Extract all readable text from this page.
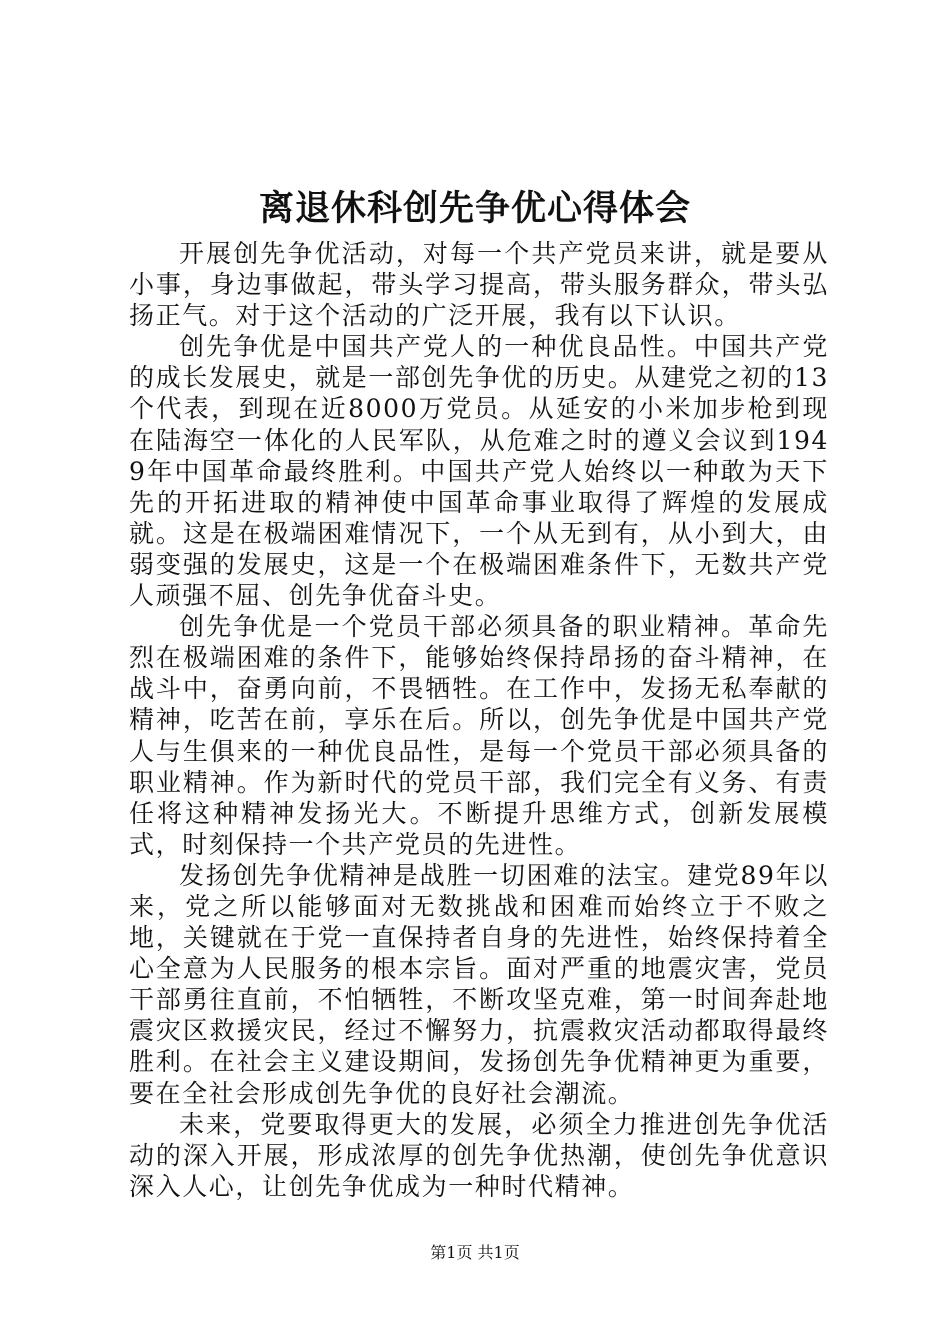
离退休科创先争优心得体会

开展创先争优活动，对每一个共产党员来讲，就是要从小事，身边事做起，带头学习提高，带头服务群众，带头弘扬正气。对于这个活动的广泛开展，我有以下认识。

创先争优是中国共产党人的一种优良品性。中国共产党的成长发展史，就是一部创先争优的历史。从建党之初的13个代表，到现在近8000万党员。从延安的小米加步枪到现在陆海空一体化的人民军队，从危难之时的遵义会议到1949年中国革命最终胜利。中国共产党人始终以一种敢为天下先的开拓进取的精神使中国革命事业取得了辉煌的发展成就。这是在极端困难情况下，一个从无到有，从小到大，由弱变强的发展史，这是一个在极端困难条件下，无数共产党人顽强不屈、创先争优奋斗史。

创先争优是一个党员干部必须具备的职业精神。革命先烈在极端困难的条件下，能够始终保持昂扬的奋斗精神，在战斗中，奋勇向前，不畏牺牲。在工作中，发扬无私奉献的精神，吃苦在前，享乐在后。所以，创先争优是中国共产党人与生俱来的一种优良品性，是每一个党员干部必须具备的职业精神。作为新时代的党员干部，我们完全有义务、有责任将这种精神发扬光大。不断提升思维方式，创新发展模式，时刻保持一个共产党员的先进性。

发扬创先争优精神是战胜一切困难的法宝。建党89年以来，党之所以能够面对无数挑战和困难而始终立于不败之地，关键就在于党一直保持者自身的先进性，始终保持着全心全意为人民服务的根本宗旨。面对严重的地震灾害，党员干部勇往直前，不怕牺牲，不断攻坚克难，第一时间奔赴地震灾区救援灾民，经过不懈努力，抗震救灾活动都取得最终胜利。在社会主义建设期间，发扬创先争优精神更为重要，要在全社会形成创先争优的良好社会潮流。

未来，党要取得更大的发展，必须全力推进创先争优活动的深入开展，形成浓厚的创先争优热潮，使创先争优意识深入人心，让创先争优成为一种时代精神。

第1页 共1页
